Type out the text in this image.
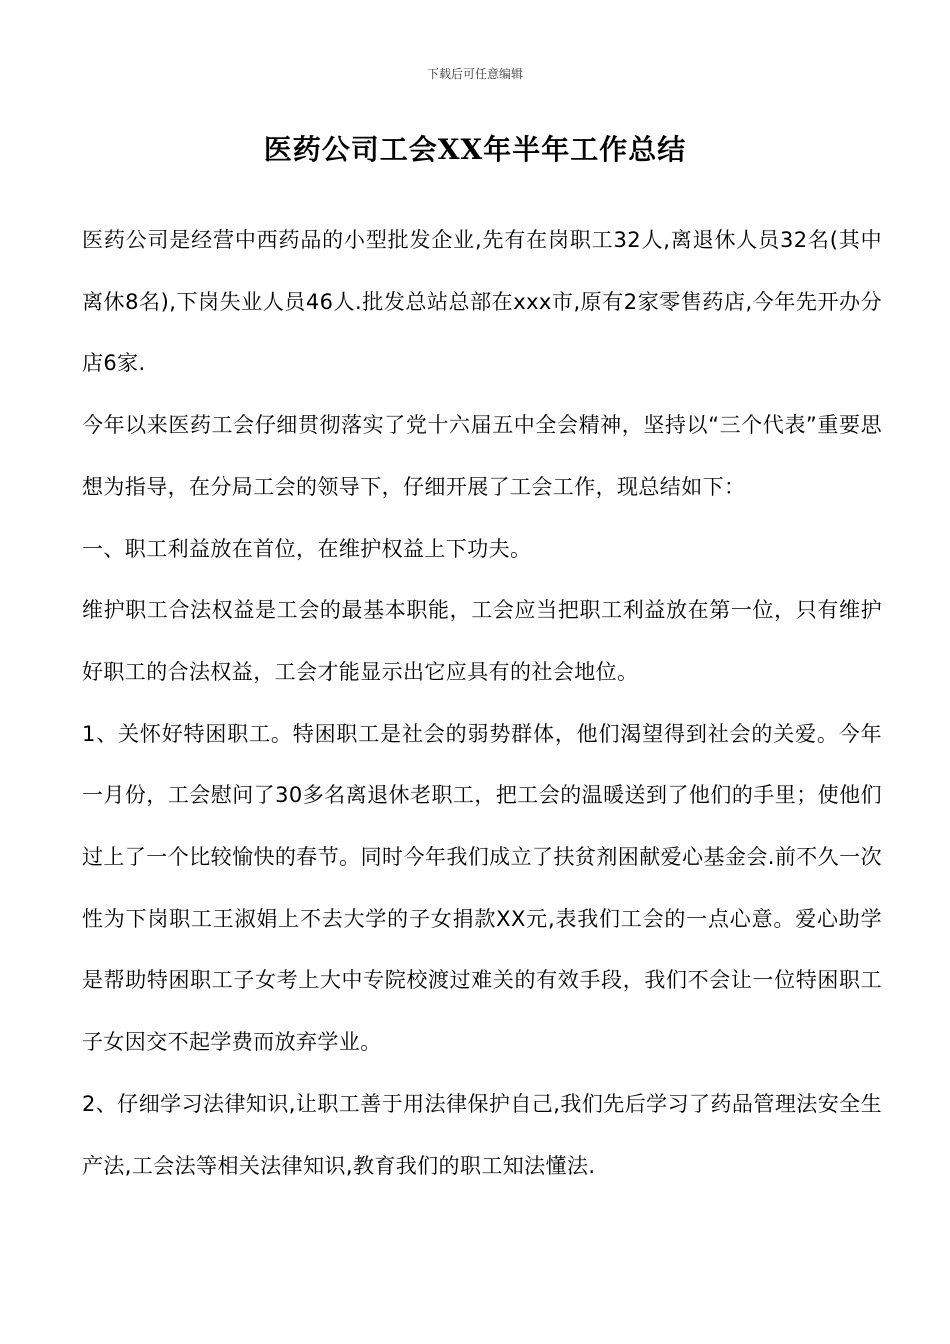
下载后可任意编辑
医药公司工会XX年半年工作总结

医药公司是经营中西药品的小型批发企业,先有在岗职工32人,离退休人员32名(其中离休8名),下岗失业人员46人.批发总站总部在xxx市,原有2家零售药店,今年先开办分店6家.

今年以来医药工会仔细贯彻落实了党十六届五中全会精神，坚持以“三个代表”重要思想为指导，在分局工会的领导下，仔细开展了工会工作，现总结如下：

一、职工利益放在首位，在维护权益上下功夫。

维护职工合法权益是工会的最基本职能，工会应当把职工利益放在第一位，只有维护好职工的合法权益，工会才能显示出它应具有的社会地位。

1、关怀好特困职工。特困职工是社会的弱势群体，他们渴望得到社会的关爱。今年一月份，工会慰问了30多名离退休老职工，把工会的温暖送到了他们的手里；使他们过上了一个比较愉快的春节。同时今年我们成立了扶贫剂困献爱心基金会.前不久一次性为下岗职工王淑娟上不去大学的子女捐款XX元,表我们工会的一点心意。爱心助学是帮助特困职工子女考上大中专院校渡过难关的有效手段，我们不会让一位特困职工子女因交不起学费而放弃学业。

2、仔细学习法律知识,让职工善于用法律保护自己,我们先后学习了药品管理法安全生产法,工会法等相关法律知识,教育我们的职工知法懂法.
